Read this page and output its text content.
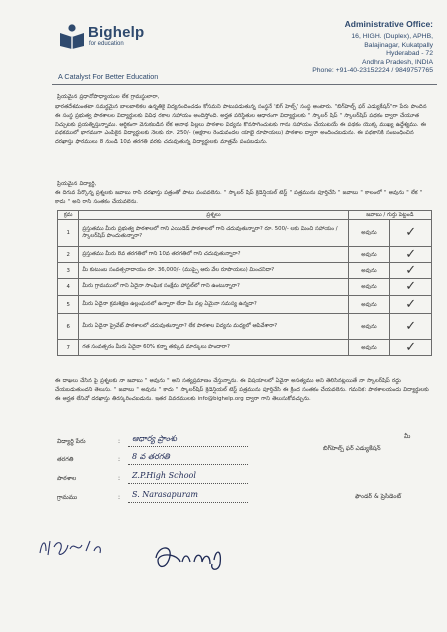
Bighelp
for education
A Catalyst For Better Education
Administrative Office:
16, HIGH. (Duplex), APHB,
Balajinagar, Kukatpally
Hyderabad - 72
Andhra Pradesh, INDIA
Phone: +91-40-23152224 / 9849757765
ప్రియమైన ప్రధానోపాధ్యాయుల లేక గ్రామస్థులారా,
భారతదేశమంతటా సమర్థమైన బాలబాలికల ఉన్నతికై విద్యనందించడం కోసమని పాటుపడుతున్న సంస్థనే 'బిగ్ హెల్ప్' సంస్థ అంటారు. "బిగ్‌హెల్ప్ ఫర్ ఎడ్యుకేషన్"గా పేరు పొందిన ఈ సంస్థ ప్రభుత్వ పాఠశాలల విద్యార్థులకు వివిధ రకాల సహాయం అందిస్తోంది. అర్హత పరిస్థితుల ఆధారంగా విద్యార్థులకు " స్కాలర్ షిప్ " స్కాలర్‌షిప్ పథకం ద్వారా చేయూత నిచ్చుటకు ప్రయత్నిస్తున్నాము. ఆర్థికంగా వెనుకబడిన లేక అనాథ పిల్లలు పాఠశాల విద్యను కొనసాగించుటకు గాను సహాయం చేయుటయే ఈ పథకం యొక్క ముఖ్య ఉద్దేశ్యము. ఈ పథకములో భాగముగా ఎంపికైన విద్యార్థులకు నెలకు రూ. 250/- (అక్షరాల రెండువందల యాభై రూపాయలు) పాఠశాల ద్వారా అందించబడును. ఈ పథకానికి సంబంధించిన దరఖాస్తు ఫారములు 8 నుండి 10వ తరగతి వరకు చదువుతున్న విద్యార్థులకు మాత్రమే పంపబడును.
ప్రియమైన విద్యార్థి,
ఈ దిగువ పేర్కొన్న ప్రశ్నలకు జవాబు రాసి దరఖాస్తు పత్రంతో పాటు పంపవలెను. " స్కాలర్ షిప్ క్రెడెన్షియల్ టెస్ట్ " పత్రమును పూర్తిచేసి " జవాబు " కాలంలో " అవును " లేక " కాదు " అని రాసి సంతకం చేయవలెను.
క్రమ	ప్రశ్నలు	జవాబు / గుర్తు పెట్టండి	
1	ప్రస్తుతము మీరు ప్రభుత్వ పాఠశాలలో గాని ఎయిడెడ్ పాఠశాలలో గాని చదువుతున్నారా? రూ. 500/- లకు మించి సహాయం / స్కాలర్‌షిప్ పొందుతున్నారా?	అవును	✓
2	ప్రస్తుతము మీరు 8వ తరగతిలో గాని 10వ తరగతిలో గాని చదువుతున్నారా?	అవును	✓
3	మీ కుటుంబ సంవత్సరాదాయం రూ. 36,000/- (ముప్పై ఆరు వేల రూపాయలు) మించనిదా?	అవును	✓
4	మీరు గ్రామములో గాని ఏదైనా సాంఘిక సంక్షేమ హాస్టల్‌లో గాని ఉంటున్నారా?	అవును	✓
5	మీరు ఏదైనా క్రమశిక్షణ ఉల్లంఘనలో ఉన్నారా లేదా మీ వల్ల ఏమైనా సమస్య ఉన్నదా?	అవును	✓
6	మీరు ఏదైనా ప్రైవేట్ పాఠశాలలో చదువుతున్నారా? లేక పాఠశాల విద్యను మధ్యలో ఆపివేశారా?	అవును	✓
7	గత సంవత్సరం మీరు ఏదైనా 60% కన్నా తక్కువ మార్కులు పొందారా?	అవును	✓
ఈ దాఖలు చేసిన పై ప్రశ్నలకు నా జవాబు " అవును " అని సత్యప్రమాణం చేస్తున్నాను. ఈ విషయాలలో ఏవైనా అసత్యము అని తెలిసినట్లయితే నా స్కాలర్‌షిప్ రద్దు చేయబడుతుందని తెలుసు. " జవాబు " అవును " కాదు " స్కాలర్‌షిప్ క్రెడెన్షియల్ టెస్ట్ పత్రమును పూర్తిచేసి ఈ క్రింద సంతకం చేయవలెను. గమనిక: పాఠశాలయందు విద్యార్థులకు ఈ అర్హత లేనిచో దరఖాస్తు తిరస్కరించబడును. ఇతర వివరములకు info@bighelp.org ద్వారా గాని తెలుసుకోవచ్చును.
విద్యార్థి పేరు	: ఆధార్య ప్రాంశు
తరగతి	: 8 వ తరగతి
పాఠశాల	: Z.P.High School
గ్రామము	: S. Narasapuram
మీ
బిగ్‌హెల్ప్ ఫర్ ఎడ్యుకేషన్
ఫౌండర్ & ప్రెసిడెంట్
